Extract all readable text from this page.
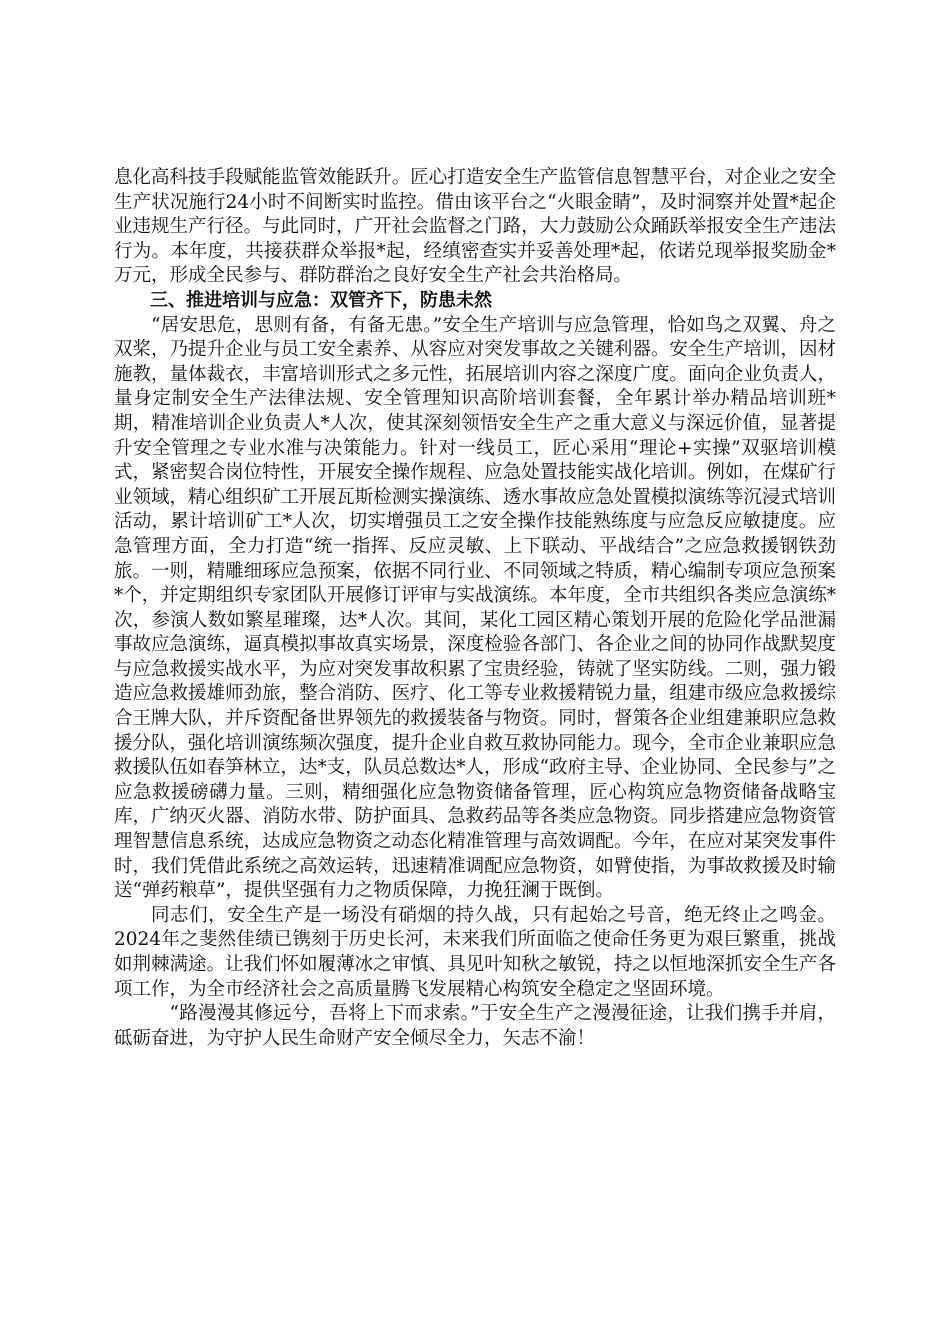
息化高科技手段赋能监管效能跃升。匠心打造安全生产监管信息智慧平台，对企业之安全生产状况施行24小时不间断实时监控。借由该平台之“火眼金睛”，及时洞察并处置*起企业违规生产行径。与此同时，广开社会监督之门路，大力鼓励公众踊跃举报安全生产违法行为。本年度，共接获群众举报*起，经缜密查实并妥善处理*起，依诺兑现举报奖励金*万元，形成全民参与、群防群治之良好安全生产社会共治格局。

三、推进培训与应急：双管齐下，防患未然

“居安思危，思则有备，有备无患。”安全生产培训与应急管理，恰如鸟之双翼、舟之双桨，乃提升企业与员工安全素养、从容应对突发事故之关键利器。安全生产培训，因材施教，量体裁衣，丰富培训形式之多元性，拓展培训内容之深度广度。面向企业负责人，量身定制安全生产法律法规、安全管理知识高阶培训套餐，全年累计举办精品培训班*期，精准培训企业负责人*人次，使其深刻领悟安全生产之重大意义与深远价值，显著提升安全管理之专业水准与决策能力。针对一线员工，匠心采用“理论+实操”双驱培训模式，紧密契合岗位特性，开展安全操作规程、应急处置技能实战化培训。例如，在煤矿行业领域，精心组织矿工开展瓦斯检测实操演练、透水事故应急处置模拟演练等沉浸式培训活动，累计培训矿工*人次，切实增强员工之安全操作技能熟练度与应急反应敏捷度。应急管理方面，全力打造“统一指挥、反应灵敏、上下联动、平战结合”之应急救援钢铁劲旅。一则，精雕细琢应急预案，依据不同行业、不同领域之特质，精心编制专项应急预案*个，并定期组织专家团队开展修订评审与实战演练。本年度，全市共组织各类应急演练*次，参演人数如繁星璀璨，达*人次。其间，某化工园区精心策划开展的危险化学品泄漏事故应急演练，逼真模拟事故真实场景，深度检验各部门、各企业之间的协同作战默契度与应急救援实战水平，为应对突发事故积累了宝贵经验，铸就了坚实防线。二则，强力锻造应急救援雄师劲旅，整合消防、医疗、化工等专业救援精锐力量，组建市级应急救援综合王牌大队，并斥资配备世界领先的救援装备与物资。同时，督策各企业组建兼职应急救援分队，强化培训演练频次强度，提升企业自救互救协同能力。现今，全市企业兼职应急救援队伍如春笋林立，达*支，队员总数达*人，形成“政府主导、企业协同、全民参与”之应急救援磅礴力量。三则，精细强化应急物资储备管理，匠心构筑应急物资储备战略宝库，广纳灭火器、消防水带、防护面具、急救药品等各类应急物资。同步搭建应急物资管理智慧信息系统，达成应急物资之动态化精准管理与高效调配。今年，在应对某突发事件时，我们凭借此系统之高效运转，迅速精准调配应急物资，如臂使指，为事故救援及时输送“弹药粮草”，提供坚强有力之物质保障，力挽狂澜于既倒。

同志们，安全生产是一场没有硝烟的持久战，只有起始之号音，绝无终止之鸣金。2024年之斐然佳绩已镌刻于历史长河，未来我们所面临之使命任务更为艰巨繁重，挑战如荆棘满途。让我们怀如履薄冰之审慎、具见叶知秋之敏锐，持之以恒地深抓安全生产各项工作，为全市经济社会之高质量腾飞发展精心构筑安全稳定之坚固环境。

“路漫漫其修远兮，吾将上下而求索。”于安全生产之漫漫征途，让我们携手并肩，砥砺奋进，为守护人民生命财产安全倾尽全力，矢志不渝！
